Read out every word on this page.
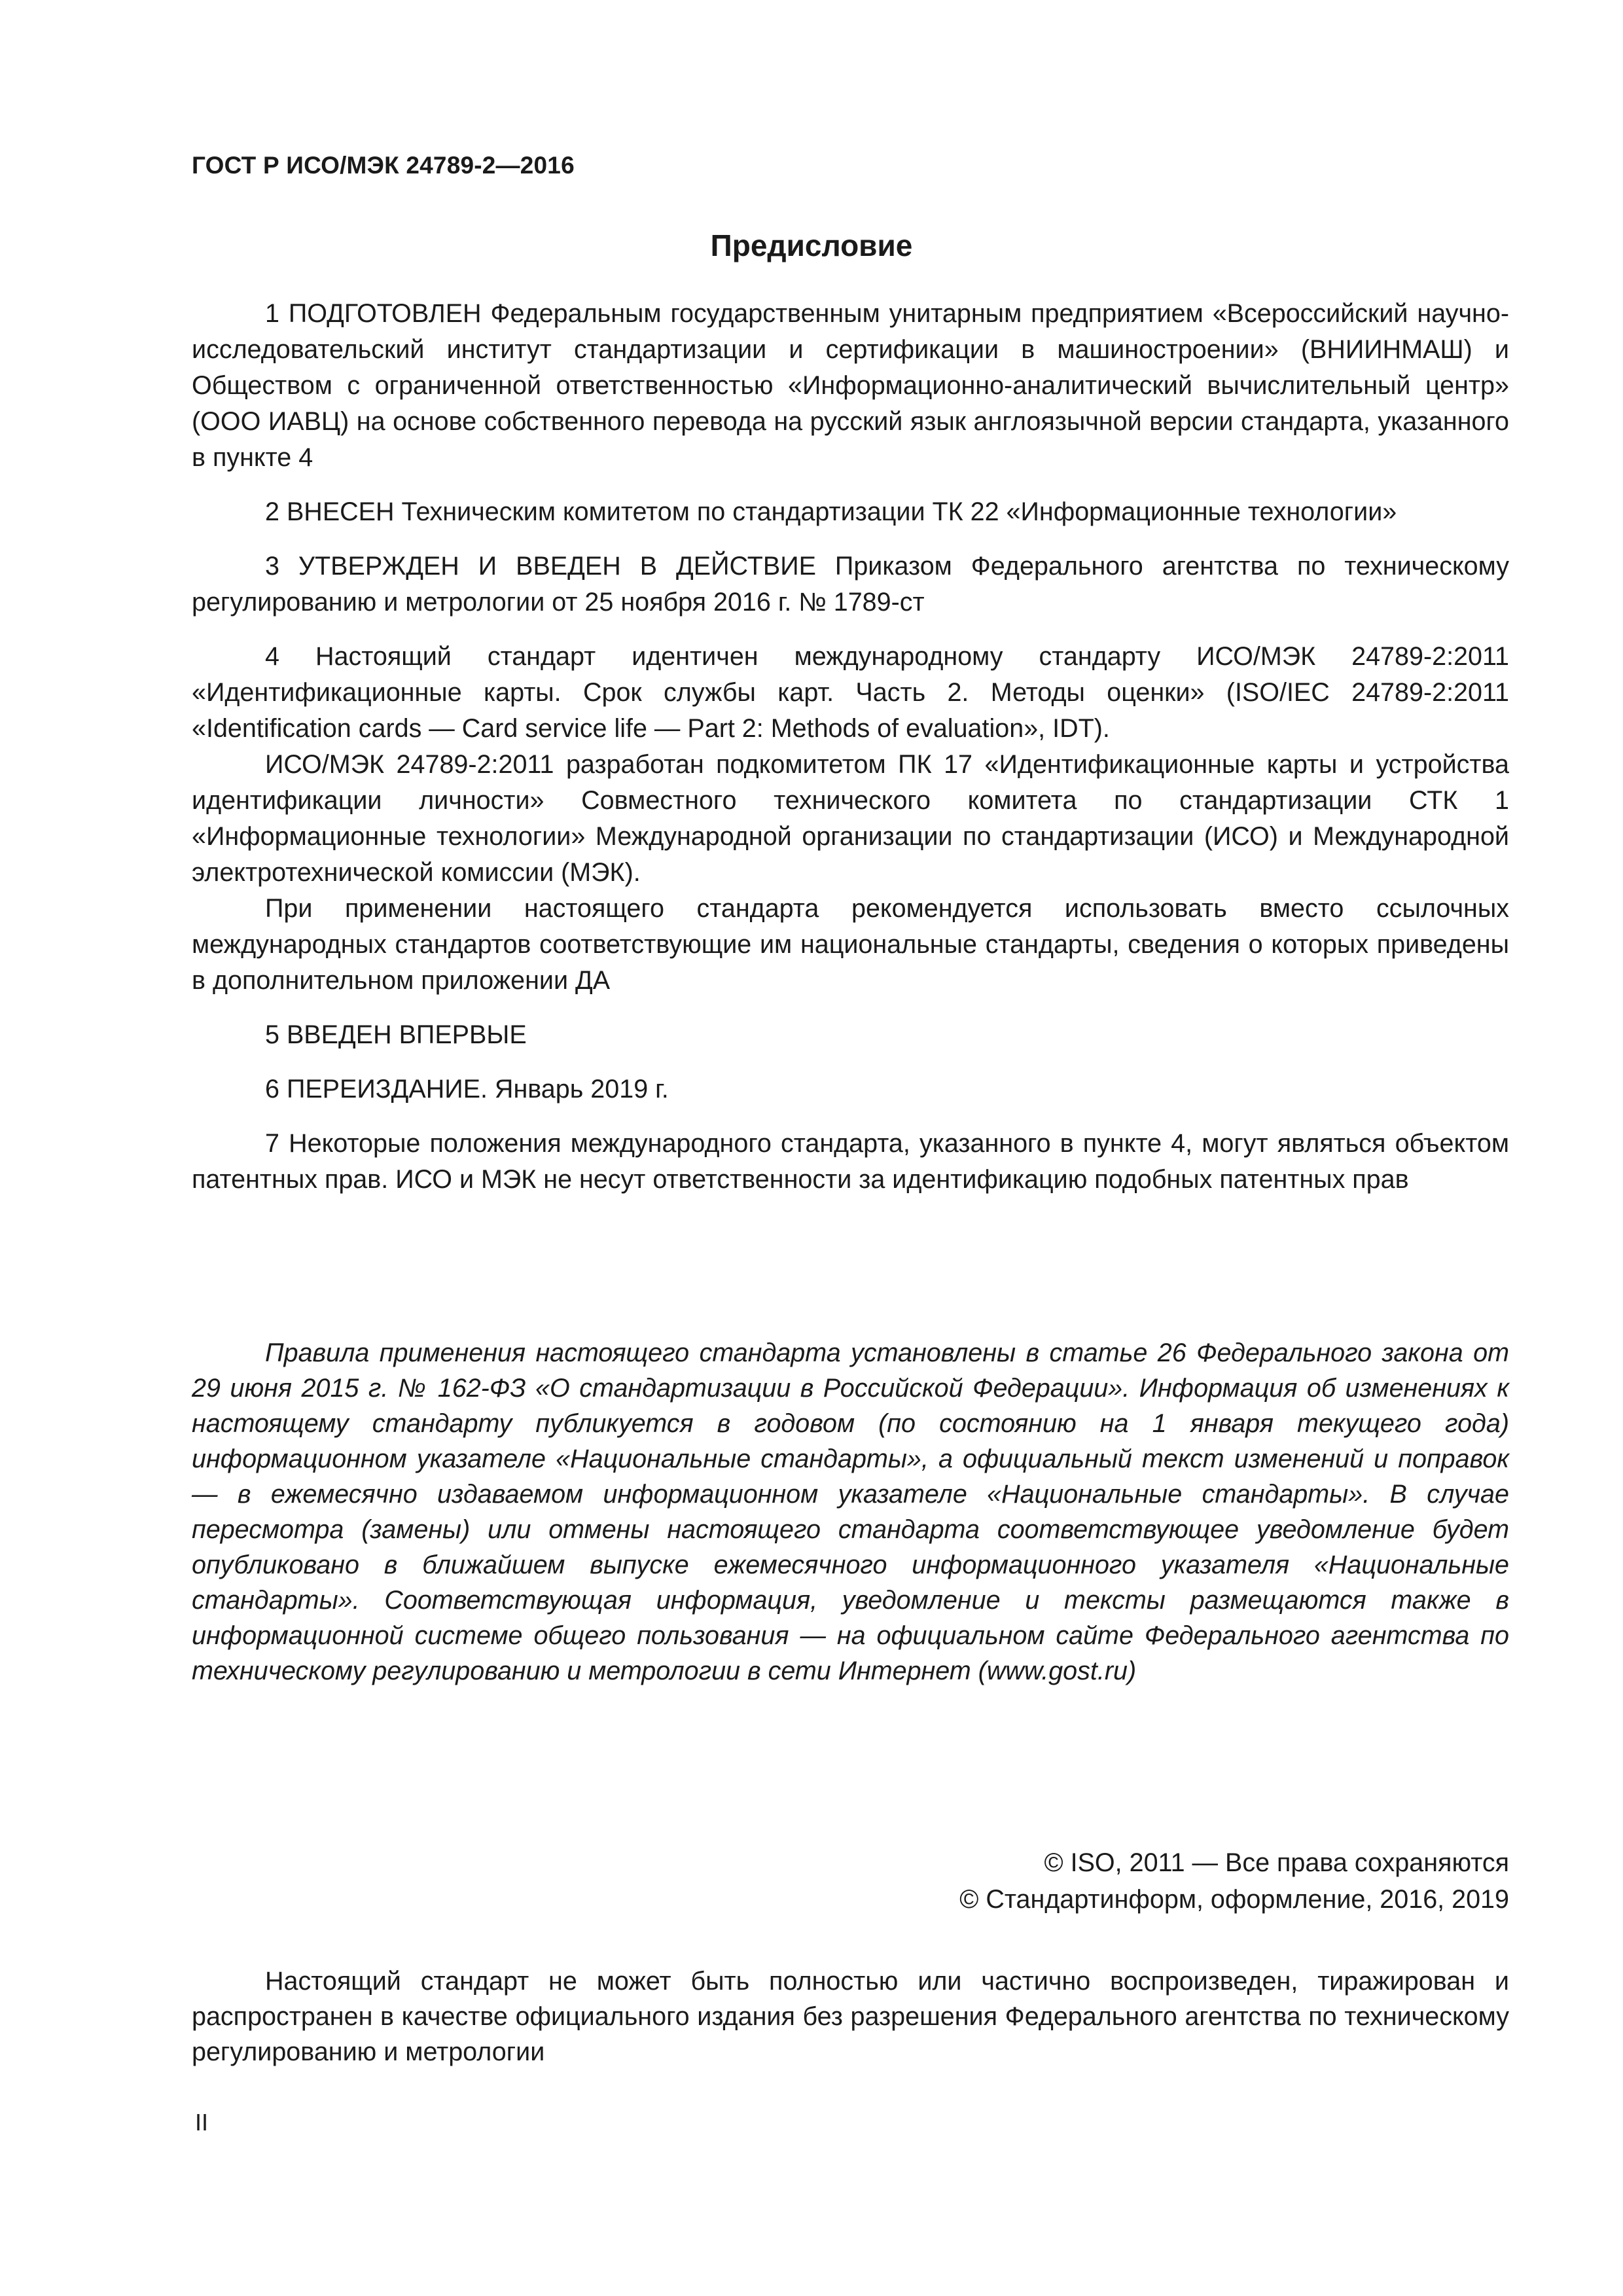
ГОСТ Р ИСО/МЭК 24789-2—2016
Предисловие

1 ПОДГОТОВЛЕН Федеральным государственным унитарным предприятием «Всероссийский научно-исследовательский институт стандартизации и сертификации в машиностроении» (ВНИИНМАШ) и Обществом с ограниченной ответственностью «Информационно-аналитический вычислительный центр» (ООО ИАВЦ) на основе собственного перевода на русский язык англоязычной версии стандарта, указанного в пункте 4

2 ВНЕСЕН Техническим комитетом по стандартизации ТК 22 «Информационные технологии»

3 УТВЕРЖДЕН И ВВЕДЕН В ДЕЙСТВИЕ Приказом Федерального агентства по техническому регулированию и метрологии от 25 ноября 2016 г. № 1789-ст

4 Настоящий стандарт идентичен международному стандарту ИСО/МЭК 24789-2:2011 «Идентификационные карты. Срок службы карт. Часть 2. Методы оценки» (ISO/IEC 24789-2:2011 «Identification cards — Card service life — Part 2: Methods of evaluation», IDT).

ИСО/МЭК 24789-2:2011 разработан подкомитетом ПК 17 «Идентификационные карты и устройства идентификации личности» Совместного технического комитета по стандартизации СТК 1 «Информационные технологии» Международной организации по стандартизации (ИСО) и Международной электротехнической комиссии (МЭК).

При применении настоящего стандарта рекомендуется использовать вместо ссылочных международных стандартов соответствующие им национальные стандарты, сведения о которых приведены в дополнительном приложении ДА

5 ВВЕДЕН ВПЕРВЫЕ

6 ПЕРЕИЗДАНИЕ. Январь 2019 г.

7 Некоторые положения международного стандарта, указанного в пункте 4, могут являться объектом патентных прав. ИСО и МЭК не несут ответственности за идентификацию подобных патентных прав

Правила применения настоящего стандарта установлены в статье 26 Федерального закона от 29 июня 2015 г. № 162-ФЗ «О стандартизации в Российской Федерации». Информация об изменениях к настоящему стандарту публикуется в годовом (по состоянию на 1 января текущего года) информационном указателе «Национальные стандарты», а официальный текст изменений и поправок — в ежемесячно издаваемом информационном указателе «Национальные стандарты». В случае пересмотра (замены) или отмены настоящего стандарта соответствующее уведомление будет опубликовано в ближайшем выпуске ежемесячного информационного указателя «Национальные стандарты». Соответствующая информация, уведомление и тексты размещаются также в информационной системе общего пользования — на официальном сайте Федерального агентства по техническому регулированию и метрологии в сети Интернет (www.gost.ru)

© ISO, 2011 — Все права сохраняются
© Стандартинформ, оформление, 2016, 2019

Настоящий стандарт не может быть полностью или частично воспроизведен, тиражирован и распространен в качестве официального издания без разрешения Федерального агентства по техническому регулированию и метрологии

II
